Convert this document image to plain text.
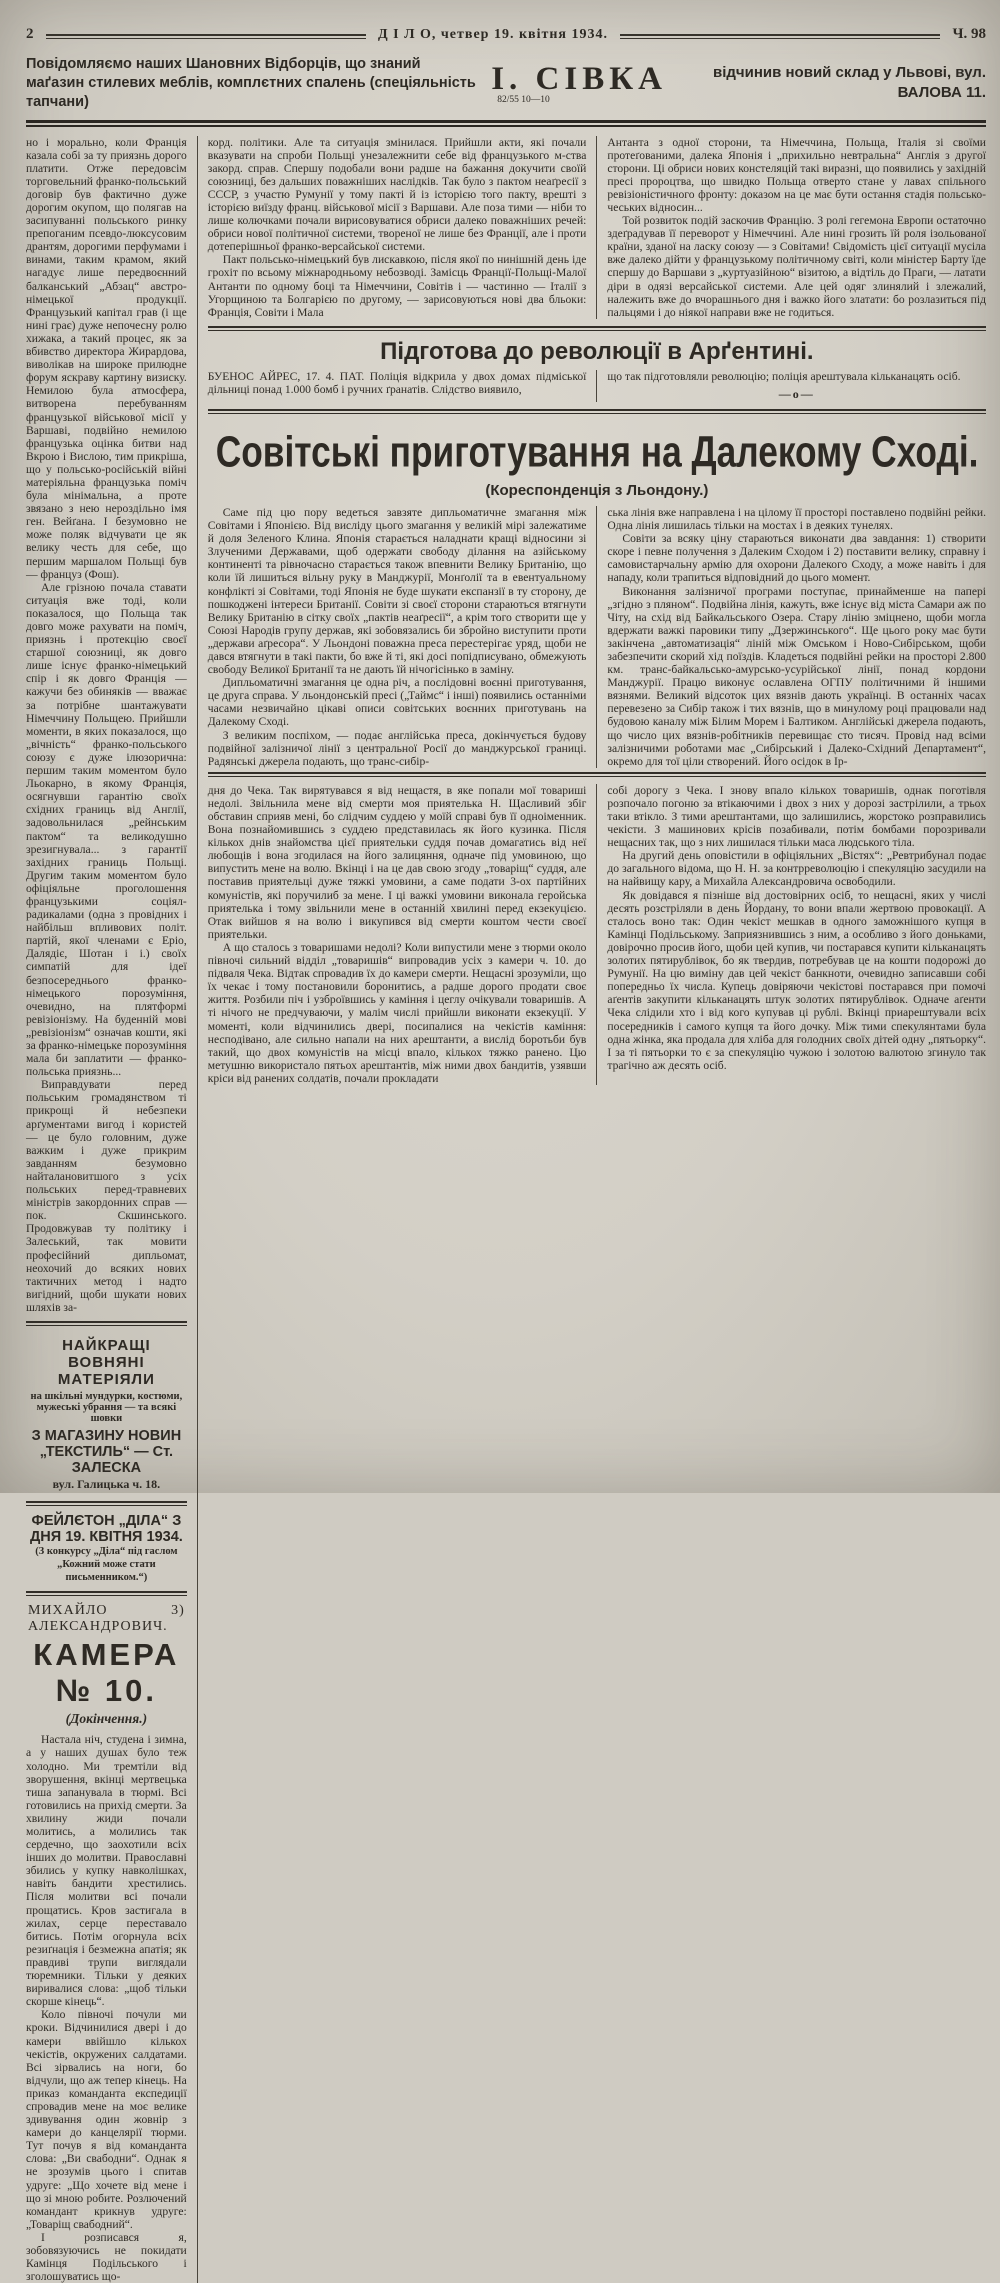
2	Д І Л О, четвер 19. квітня 1934.	Ч. 98
Повідомляємо наших Шановних Відборців, що знаний маґазин стилевих меблів, комплєтних спалень (спеціяльність тапчани)
І. СІВКА
82/55 10—10
відчинив новий склад у Львові, вул. ВАЛОВА 11.

но і морально, коли Франція казала собі за ту приязнь дорого платити. Отже передовсім торговельний франко-польський договір був фактично дуже дорогим окупом, що полягав на засипуванні польського ринку препоганим псевдо-люксусовим дрантям, дорогими перфумами і винами, таким крамом, який нагадує лише передвоєнний балканський „Абзац“ австро-німецької продукції. Французький капітал грав (і ще нині грає) дуже непочесну ролю хижака, а такий процес, як за вбивство директора Жирардова, виволікав на широке прилюдне форум яскраву картину визиску. Немилою була атмосфера, витворена перебуванням французької військової місії у Варшаві, подвійно немилою французька оцінка битви над Вкрою і Вислою, тим прикріша, що у польсько-російській війні матеріяльна французька поміч була мінімальна, а проте звязано з нею нероздільно імя ген. Вейґана. І безумовно не може поляк відчувати це як велику честь для себе, що першим маршалом Польщі був — француз (Фош).

Але грізною почала ставати ситуація вже тоді, коли показалося, що Польща так довго може рахувати на поміч, приязнь і протекцію своєї старшої союзниці, як довго лише існує франко-німецький спір і як довго Франція — кажучи без обиняків — вважає за потрібне шантажувати Німеччину Польщею. Прийшли моменти, в яких показалося, що „вічність“ франко-польського союзу є дуже ілюзорична: першим таким моментом було Льокарно, в якому Франція, осягнувши гарантію своїх східних границь від Англії, задовольнилася „рейнським пактом“ та великодушно зрезигнувала... з гарантії західних границь Польщі. Другим таким моментом було офіціяльне проголошення французькими соціял-радикалами (одна з провідних і найбільш впливових політ. партій, якої членами є Еріо, Далядіє, Шотан і і.) своїх симпатій для ідеї безпосереднього франко-німецького порозуміння, очевидно, на плятформі ревізіонізму. На буденній мові „ревізіонізм“ означав кошти, які за франко-німецьке порозуміння мала би заплатити — франко-польська приязнь...

Виправдувати перед польським громадянством ті прикрощі й небезпеки арґументами вигод і користей — це було головним, дуже важким і дуже прикрим завданням безумовно найталановитшого з усіх польських перед-травневих міністрів закордонних справ — пок. Скшинського. Продовжував ту політику і Залеський, так мовити професійний дипльомат, неохочий до всяких нових тактичних метод і надто вигідний, щоби шукати нових шляхів за-

НАЙКРАЩІ ВОВНЯНІ МАТЕРІЯЛИ
на шкільні мундурки, костюми, мужеські убрання — та всякі шовки
З МАГАЗИНУ НОВИН „ТЕКСТИЛЬ“ — Ст. ЗАЛЕСКА
вул. Галицька ч. 18.
ФЕЙЛЄТОН „ДІЛА“ З ДНЯ 19. КВІТНЯ 1934.
(З конкурсу „Діла“ під гаслом
„Кожний може стати письменником.“)
МИХАЙЛО АЛЕКСАНДРОВИЧ.
3)
КАМЕРА № 10.
(Докінчення.)

Настала ніч, студена і зимна, а у наших душах було теж холодно. Ми тремтіли від зворушення, вкінці мертвецька тиша запанувала в тюрмі. Всі готовились на прихід смерти. За хвилину жиди почали молитись, а молились так сердечно, що заохотили всіх інших до молитви. Православні збились у купку навколішках, навіть бандити хрестились. Після молитви всі почали прощатись. Кров застигала в жилах, серце переставало битись. Потім огорнула всіх резиґнація і безмежна апатія; як правдиві трупи виглядали тюремники. Тільки у деяких виривалися слова: „щоб тільки скорше кінець“.

Коло півночі почули ми кроки. Відчинилися двері і до камери ввійшло кількох чекістів, окружених салдатами. Всі зірвались на ноги, бо відчули, що аж тепер кінець. На приказ команданта експедиції спровадив мене на моє велике здивування один жовнір з камери до канцелярії тюрми. Тут почув я від команданта слова: „Ви свабодни“. Однак я не зрозумів цього і спитав удруге: „Що хочете від мене і що зі мною робите. Розлючений командант крикнув удруге: „Товаріщ свабодний“.

І розписався я, зобовязуючись не покидати Камінця Подільського і зголошуватись що-

корд. політики. Але та ситуація змінилася. Прийшли акти, які почали вказувати на спроби Польщі унезалежнити себе від французького м-ства закорд. справ. Спершу подобали вони радше на бажання докучити своїй союзниці, без дальших поважніших наслідків. Так було з пактом неаґресії з СССР, з участю Румунії у тому пакті й із історією того пакту, врешті з історією виїзду франц. військової місії з Варшави. Але поза тими — ніби то лише колючками почали вирисовуватися обриси далеко поважніших речей: обриси нової політичної системи, твореної не лише без Франції, але і проти дотеперішньої франко-версайської системи.

Пакт польсько-німецький був лискавкою, після якої по нинішній день іде грохіт по всьому міжнародньому небозводі. Замісць Франції-Польщі-Малої Антанти по одному боці та Німеччини, Совітів і — частинно — Італії з Угорщиною та Болгарією по другому, — зарисовуються нові два бльоки: Франція, Совіти і Мала

Антанта з одної сторони, та Німеччина, Польща, Італія зі своїми протеґованими, далека Японія і „прихильно невтральна“ Англія з другої сторони. Ці обриси нових констеляцій такі виразні, що появились у західній пресі пророцтва, що швидко Польща отверто стане у лавах спільного ревізіоністичного фронту: доказом на це має бути остання стадія польсько-чеських відносин...

Той розвиток подій заскочив Францію. З ролі гегемона Европи остаточно здеґрадував її переворот у Німеччині. Але нині грозить їй роля ізольованої країни, зданої на ласку союзу — з Совітами! Свідомість цієї ситуації мусіла вже далеко дійти у французькому політичному світі, коли міністер Барту їде спершу до Варшави з „куртуазійною“ візитою, а відтіль до Праги, — латати діри в одязі версайської системи. Але цей одяг злинялий і злежалий, належить вже до вчорашнього дня і важко його златати: бо розлазиться під пальцями і до ніякої направи вже не годиться.

Підготова до революції в Арґентині.

БУЕНОС АЙРЕС, 17. 4. ПАТ. Поліція відкрила у двох домах підміської дільниці понад 1.000 бомб і ручних ґранатів. Слідство виявило,

що так підготовляли революцію; поліція арештувала кільканацять осіб.

—о—
Совітські приготування на Далекому Сході.
(Кореспонденція з Льондону.)

Саме під цю пору ведеться завзяте дипльоматичне змагання між Совітами і Японією. Від висліду цього змагання у великій мірі залежатиме й доля Зеленого Клина. Японія старається наладнати кращі відносини зі Злученими Державами, щоб одержати свободу ділання на азійському континенті та рівночасно старається також впевнити Велику Британію, що коли їй лишиться вільну руку в Манджурії, Монґолії та в евентуальному конфлікті зі Совітами, тоді Японія не буде шукати експанзії в ту сторону, де пошкоджені інтереси Британії. Совіти зі своєї сторони стараються втягнути Велику Британію в сітку своїх „пактів неаґресії“, а крім того створити ще у Союзі Народів групу держав, які зобовязались би збройно виступити проти „держави аґресора“. У Льондоні поважна преса перестерігає уряд, щоби не дався втягнути в такі пакти, бо вже й ті, які досі попідписувано, обмежують свободу Великої Британії та не дають їй нічогісінько в заміну.

Дипльоматичні змагання це одна річ, а послідовні воєнні приготування, це друга справа. У льондонській пресі („Таймс“ і інші) появились останніми часами незвичайно цікаві описи совітських воєнних приготувань на Далекому Сході.

З великим поспіхом, — подає англійська преса, докінчується будову подвійної залізничої лінії з центральної Росії до манджурської границі. Радянські джерела подають, що транс-сибір-

ська лінія вже направлена і на цілому її просторі поставлено подвійні рейки. Одна лінія лишилась тільки на мостах і в деяких тунелях.

Совіти за всяку ціну стараються виконати два завдання: 1) створити скоре і певне получення з Далеким Сходом і 2) поставити велику, справну і самовистарчальну армію для охорони Далекого Сходу, а може навіть і для нападу, коли трапиться відповідний до цього момент.

Виконання залізничої програми поступає, принайменше на папері „згідно з пляном“. Подвійна лінія, кажуть, вже існує від міста Самари аж по Чіту, на схід від Байкальського Озера. Стару лінію зміцнено, щоби могла вдержати важкі паровики типу „Дзержинського“. Ще цього року має бути закінчена „автоматизація“ ліній між Омськом і Ново-Сибірськом, щоби забезпечити скорий хід поїздів. Кладеться подвійні рейки на просторі 2.800 км. транс-байкальсько-амурсько-усурійської лінії, понад кордони Манджурії. Працю виконує ославлена ОГПУ політичними й іншими вязнями. Великий відсоток цих вязнів дають українці. В останніх часах перевезено за Сибір також і тих вязнів, що в минулому році працювали над будовою каналу між Білим Морем і Балтиком. Англійські джерела подають, що число цих вязнів-робітників перевищає сто тисяч. Провід над всіми залізничими роботами має „Сибірський і Далеко-Східний Департамент“, окремо для тої ціли створений. Його осідок в Ір-

дня до Чека. Так вирятувався я від нещастя, в яке попали мої товариші недолі. Звільнила мене від смерти моя приятелька Н. Щасливий збіг обставин сприяв мені, бо слідчим суддею у моїй справі був її одноіменник. Вона познайомившись з суддею представилась як його кузинка. Після кількох днів знайомства цієї приятельки суддя почав домагатись від неї любощів і вона згодилася на його залицяння, одначе під умовиною, що випустить мене на волю. Вкінці і на це дав свою згоду „товаріщ“ суддя, але поставив приятельці дуже тяжкі умовини, а саме подати 3-ох партійних комуністів, які поручилиб за мене. І ці важкі умовини виконала геройська приятелька і тому звільнили мене в останній хвилині перед екзекуцією. Отак вийшов я на волю і викупився від смерти коштом чести своєї приятельки.

А що сталось з товаришами недолі? Коли випустили мене з тюрми около півночі сильний відділ „товаришів“ випровадив усіх з камери ч. 10. до підваля Чека. Відтак спровадив їх до камери смерти. Нещасні зрозуміли, що їх чекає і тому постановили боронитись, а радше дорого продати своє життя. Розбили піч і узброївшись у каміння і цеглу очікували товаришів. А ті нічого не предчуваючи, у малім числі прийшли виконати екзекуції. У моменті, коли відчинились двері, посипалися на чекістів каміння: несподівано, але сильно напали на них арештанти, а вислід боротьби був такий, що двох комуністів на місці впало, кількох тяжко ранено. Цю метушню використало пятьох арештантів, між ними двох бандитів, узявши кріси від ранених солдатів, почали прокладати

собі дорогу з Чека. І знову впало кількох товаришів, однак поготівля розпочало погоню за втікаючими і двох з них у дорозі застрілили, а трьох таки втікло. З тими арештантами, що залишились, жорстоко розправились чекісти. З машинових крісів позабивали, потім бомбами порозривали нещасних так, що з них лишилася тільки маса людського тіла.

На другий день оповістили в офіціяльних „Вістях“: „Ревтрибунал подає до загального відома, що Н. Н. за контрреволюцію і спекуляцію засудили на на найвищу кару, а Михайла Александровича освободили.

Як довідався я пізніше від достовірних осіб, то нещасні, яких у числі десять розстріляли в день Йордану, то вони впали жертвою провокації. А сталось воно так: Один чекіст мешкав в одного заможнішого купця в Камінці Подільському. Заприязнившись з ним, а особливо з його доньками, довірочно просив його, щоби цей купив, чи постарався купити кільканацять золотих пятирублівок, бо як твердив, потребував це на кошти подорожі до Румунії. На цю виміну дав цей чекіст банкноти, очевидно записавши собі попередньо їх числа. Купець довіряючи чекістові постарався при помочі аґентів закупити кільканацять штук золотих пятирублівок. Одначе аґенти Чека слідили хто і від кого купував ці рублі. Вкінці приарештували всіх посередників і самого купця та його дочку. Між тими спекулянтами була одна жінка, яка продала для хліба для голодних своїх дітей одну „пятьорку“. І за ті пятьорки то є за спекуляцію чужою і золотою валютою згинуло так трагічно аж десять осіб.
